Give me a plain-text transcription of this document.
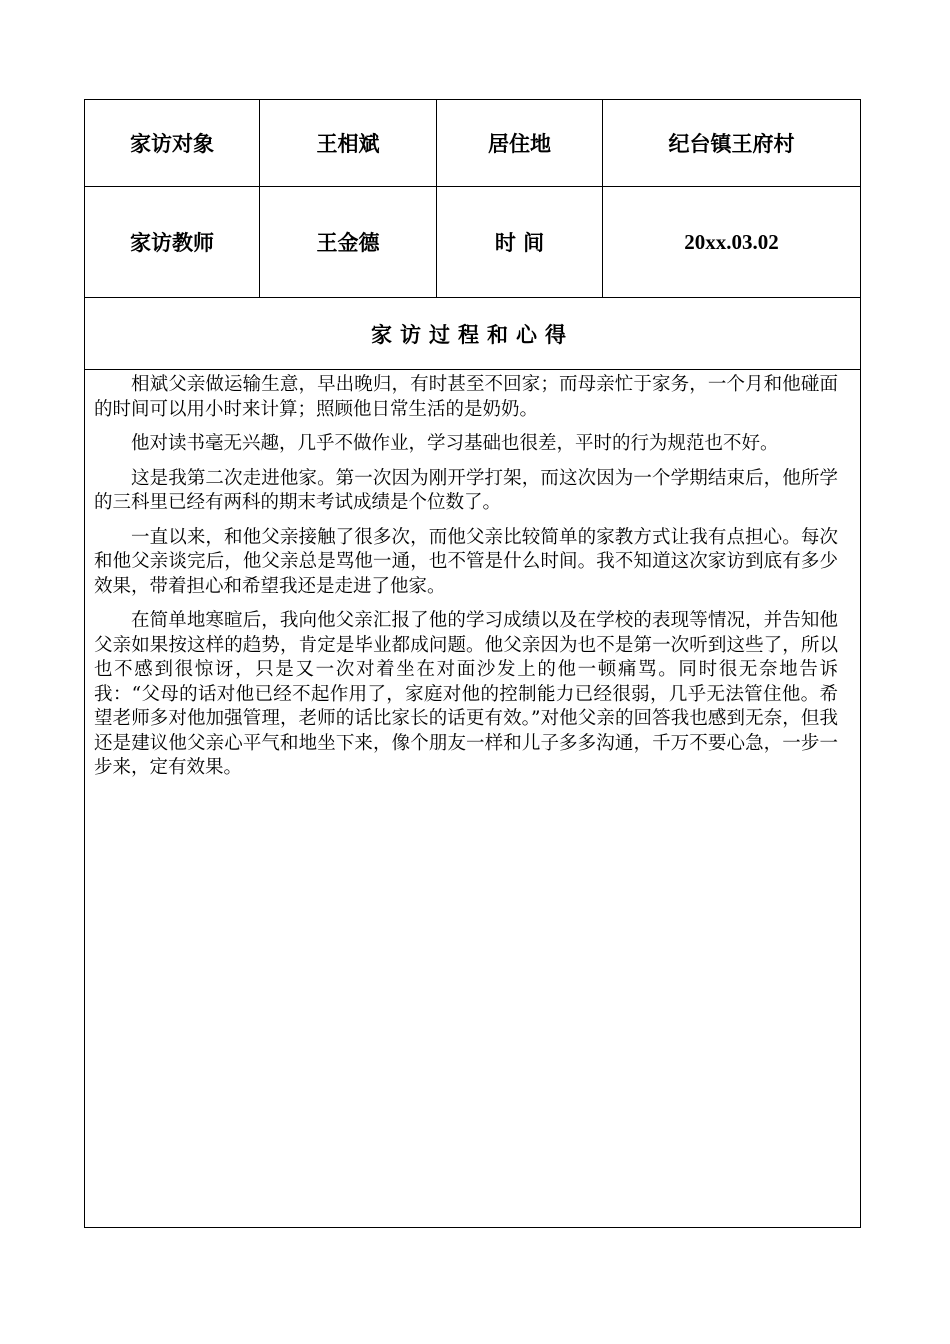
家访对象	王相斌	居住地	纪台镇王府村
家访教师	王金德	时 间	20xx.03.02
家访过程和心得

相斌父亲做运输生意，早出晚归，有时甚至不回家；而母亲忙于家务，一个月和他碰面的时间可以用小时来计算；照顾他日常生活的是奶奶。

他对读书毫无兴趣，几乎不做作业，学习基础也很差，平时的行为规范也不好。

这是我第二次走进他家。第一次因为刚开学打架，而这次因为一个学期结束后，他所学的三科里已经有两科的期末考试成绩是个位数了。

一直以来，和他父亲接触了很多次，而他父亲比较简单的家教方式让我有点担心。每次和他父亲谈完后，他父亲总是骂他一通，也不管是什么时间。我不知道这次家访到底有多少效果，带着担心和希望我还是走进了他家。

在简单地寒暄后，我向他父亲汇报了他的学习成绩以及在学校的表现等情况，并告知他父亲如果按这样的趋势，肯定是毕业都成问题。他父亲因为也不是第一次听到这些了，所以也不感到很惊讶，只是又一次对着坐在对面沙发上的他一顿痛骂。同时很无奈地告诉我：“父母的话对他已经不起作用了，家庭对他的控制能力已经很弱，几乎无法管住他。希望老师多对他加强管理，老师的话比家长的话更有效。”对他父亲的回答我也感到无奈，但我还是建议他父亲心平气和地坐下来，像个朋友一样和儿子多多沟通，千万不要心急，一步一步来，定有效果。
